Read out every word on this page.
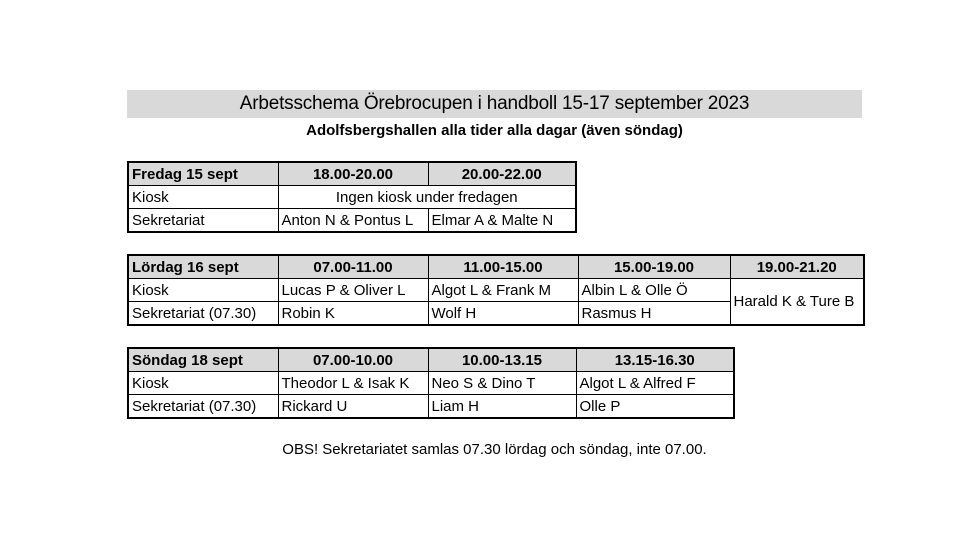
Arbetsschema Örebrocupen i handboll 15-17 september 2023
Adolfsbergshallen alla tider alla dagar (även söndag)
Fredag 15 sept	18.00-20.00	20.00-22.00
Kiosk	Ingen kiosk under fredagen	
Sekretariat	Anton N & Pontus L	Elmar A & Malte N
Lördag 16 sept	07.00-11.00	11.00-15.00	15.00-19.00	19.00-21.20
Kiosk	Lucas P & Oliver L	Algot L & Frank M	Albin L & Olle Ö	Harald K & Ture B
Sekretariat (07.30)	Robin K	Wolf H	Rasmus H	
Söndag 18 sept	07.00-10.00	10.00-13.15	13.15-16.30
Kiosk	Theodor L & Isak K	Neo S & Dino T	Algot L & Alfred F
Sekretariat (07.30)	Rickard U	Liam H	Olle P
OBS! Sekretariatet samlas 07.30 lördag och söndag, inte 07.00.
